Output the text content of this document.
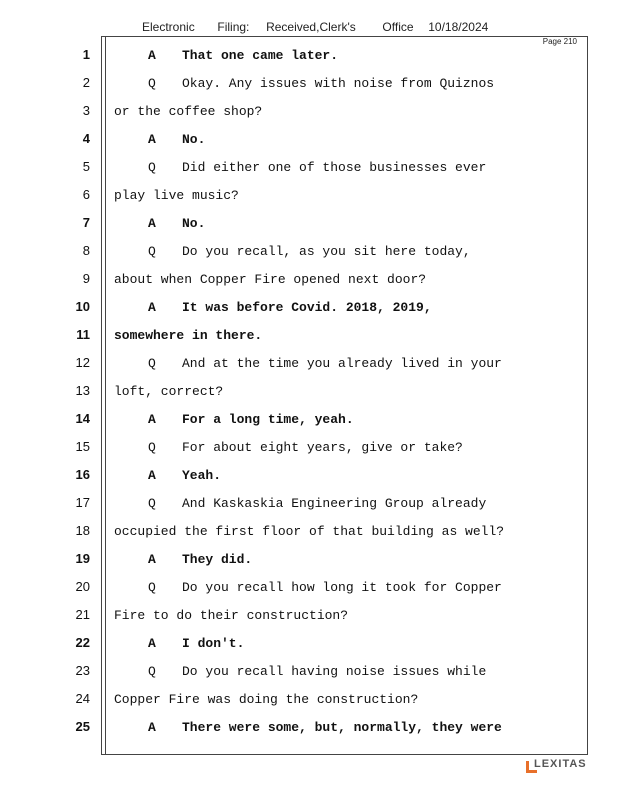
Electronic Filing: Received,Clerk's Office 10/18/2024
Page 210
1	A That one came later.
2	Q Okay. Any issues with noise from Quiznos
3 or the coffee shop?
4	A No.
5	Q Did either one of those businesses ever
6 play live music?
7	A No.
8	Q Do you recall, as you sit here today,
9 about when Copper Fire opened next door?
10	A It was before Covid. 2018, 2019,
11 somewhere in there.
12	Q And at the time you already lived in your
13 loft, correct?
14	A For a long time, yeah.
15	Q For about eight years, give or take?
16	A Yeah.
17	Q And Kaskaskia Engineering Group already
18 occupied the first floor of that building as well?
19	A They did.
20	Q Do you recall how long it took for Copper
21 Fire to do their construction?
22	A I don't.
23	Q Do you recall having noise issues while
24 Copper Fire was doing the construction?
25	A There were some, but, normally, they were
LEXITAS
